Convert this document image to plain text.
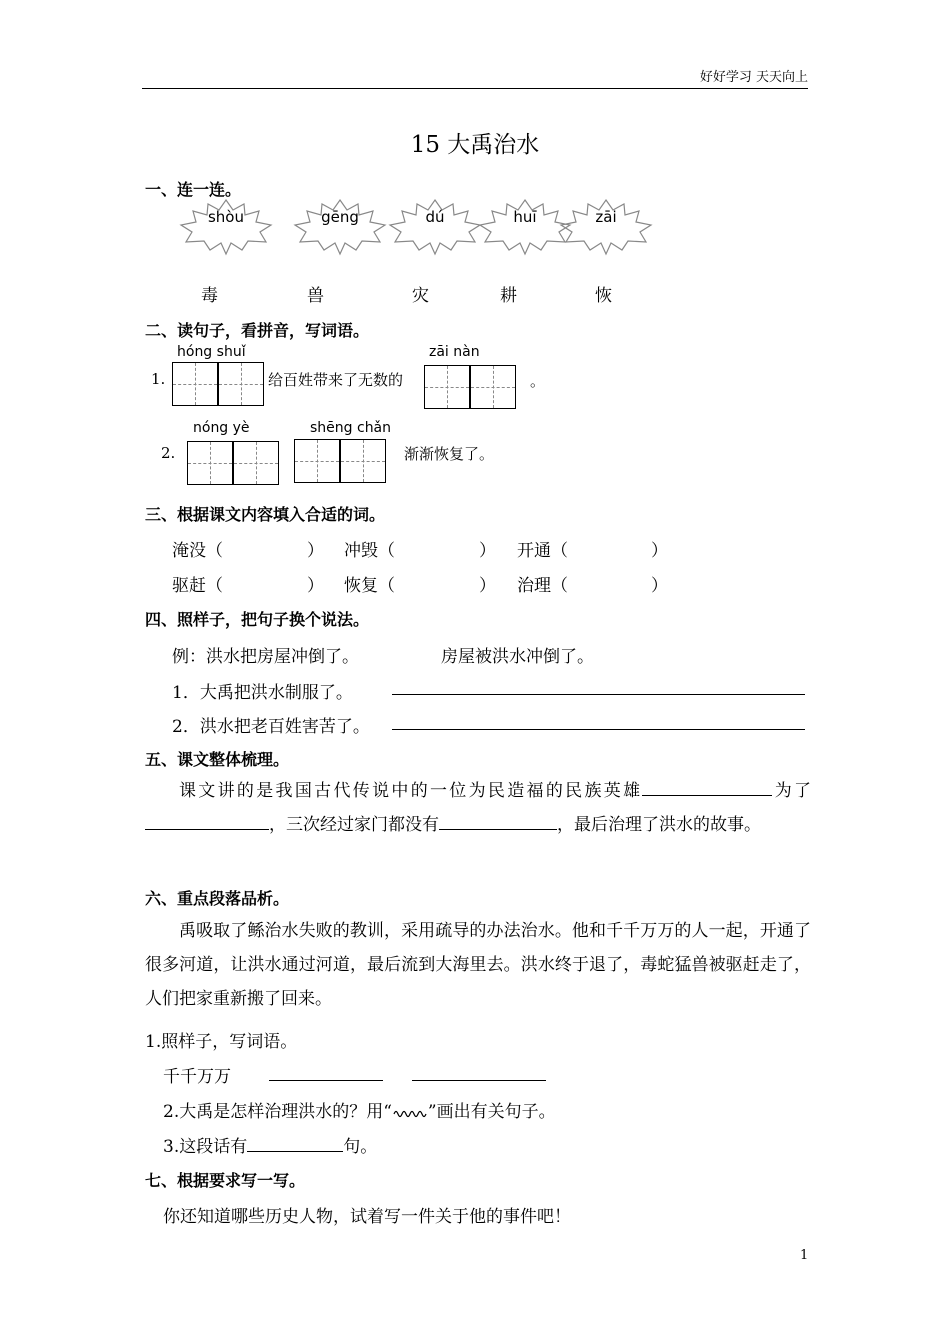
好好学习 天天向上
15 大禹治水
一、连一连。
shòu	gēng	dú	huī	zāi
毒	兽	灾	耕	恢
二、读句子，看拼音，写词语。
hóng shuǐ	zāi nàn
1.	给百姓带来了无数的	。
nóng yè	shēng chǎn
2.	渐渐恢复了。
三、根据课文内容填入合适的词。
淹没（	） 冲毁（	） 开通（	）
驱赶（	） 恢复（	） 治理（	）
四、照样子，把句子换个说法。
例：洪水把房屋冲倒了。	房屋被洪水冲倒了。
1．大禹把洪水制服了。
2．洪水把老百姓害苦了。
五、课文整体梳理。
课文讲的是我国古代传说中的一位为民造福的民族英雄	为了，三次经过家门都没有	，最后治理了洪水的故事。
六、重点段落品析。
禹吸取了鲧治水失败的教训，采用疏导的办法治水。他和千千万万的人一起，开通了很多河道，让洪水通过河道，最后流到大海里去。洪水终于退了，毒蛇猛兽被驱赶走了，人们把家重新搬了回来。
1.照样子，写词语。
千千万万
2.大禹是怎样治理洪水的？用“ ”画出有关句子。
3.这段话有	句。
七、根据要求写一写。
你还知道哪些历史人物，试着写一件关于他的事件吧！
1
